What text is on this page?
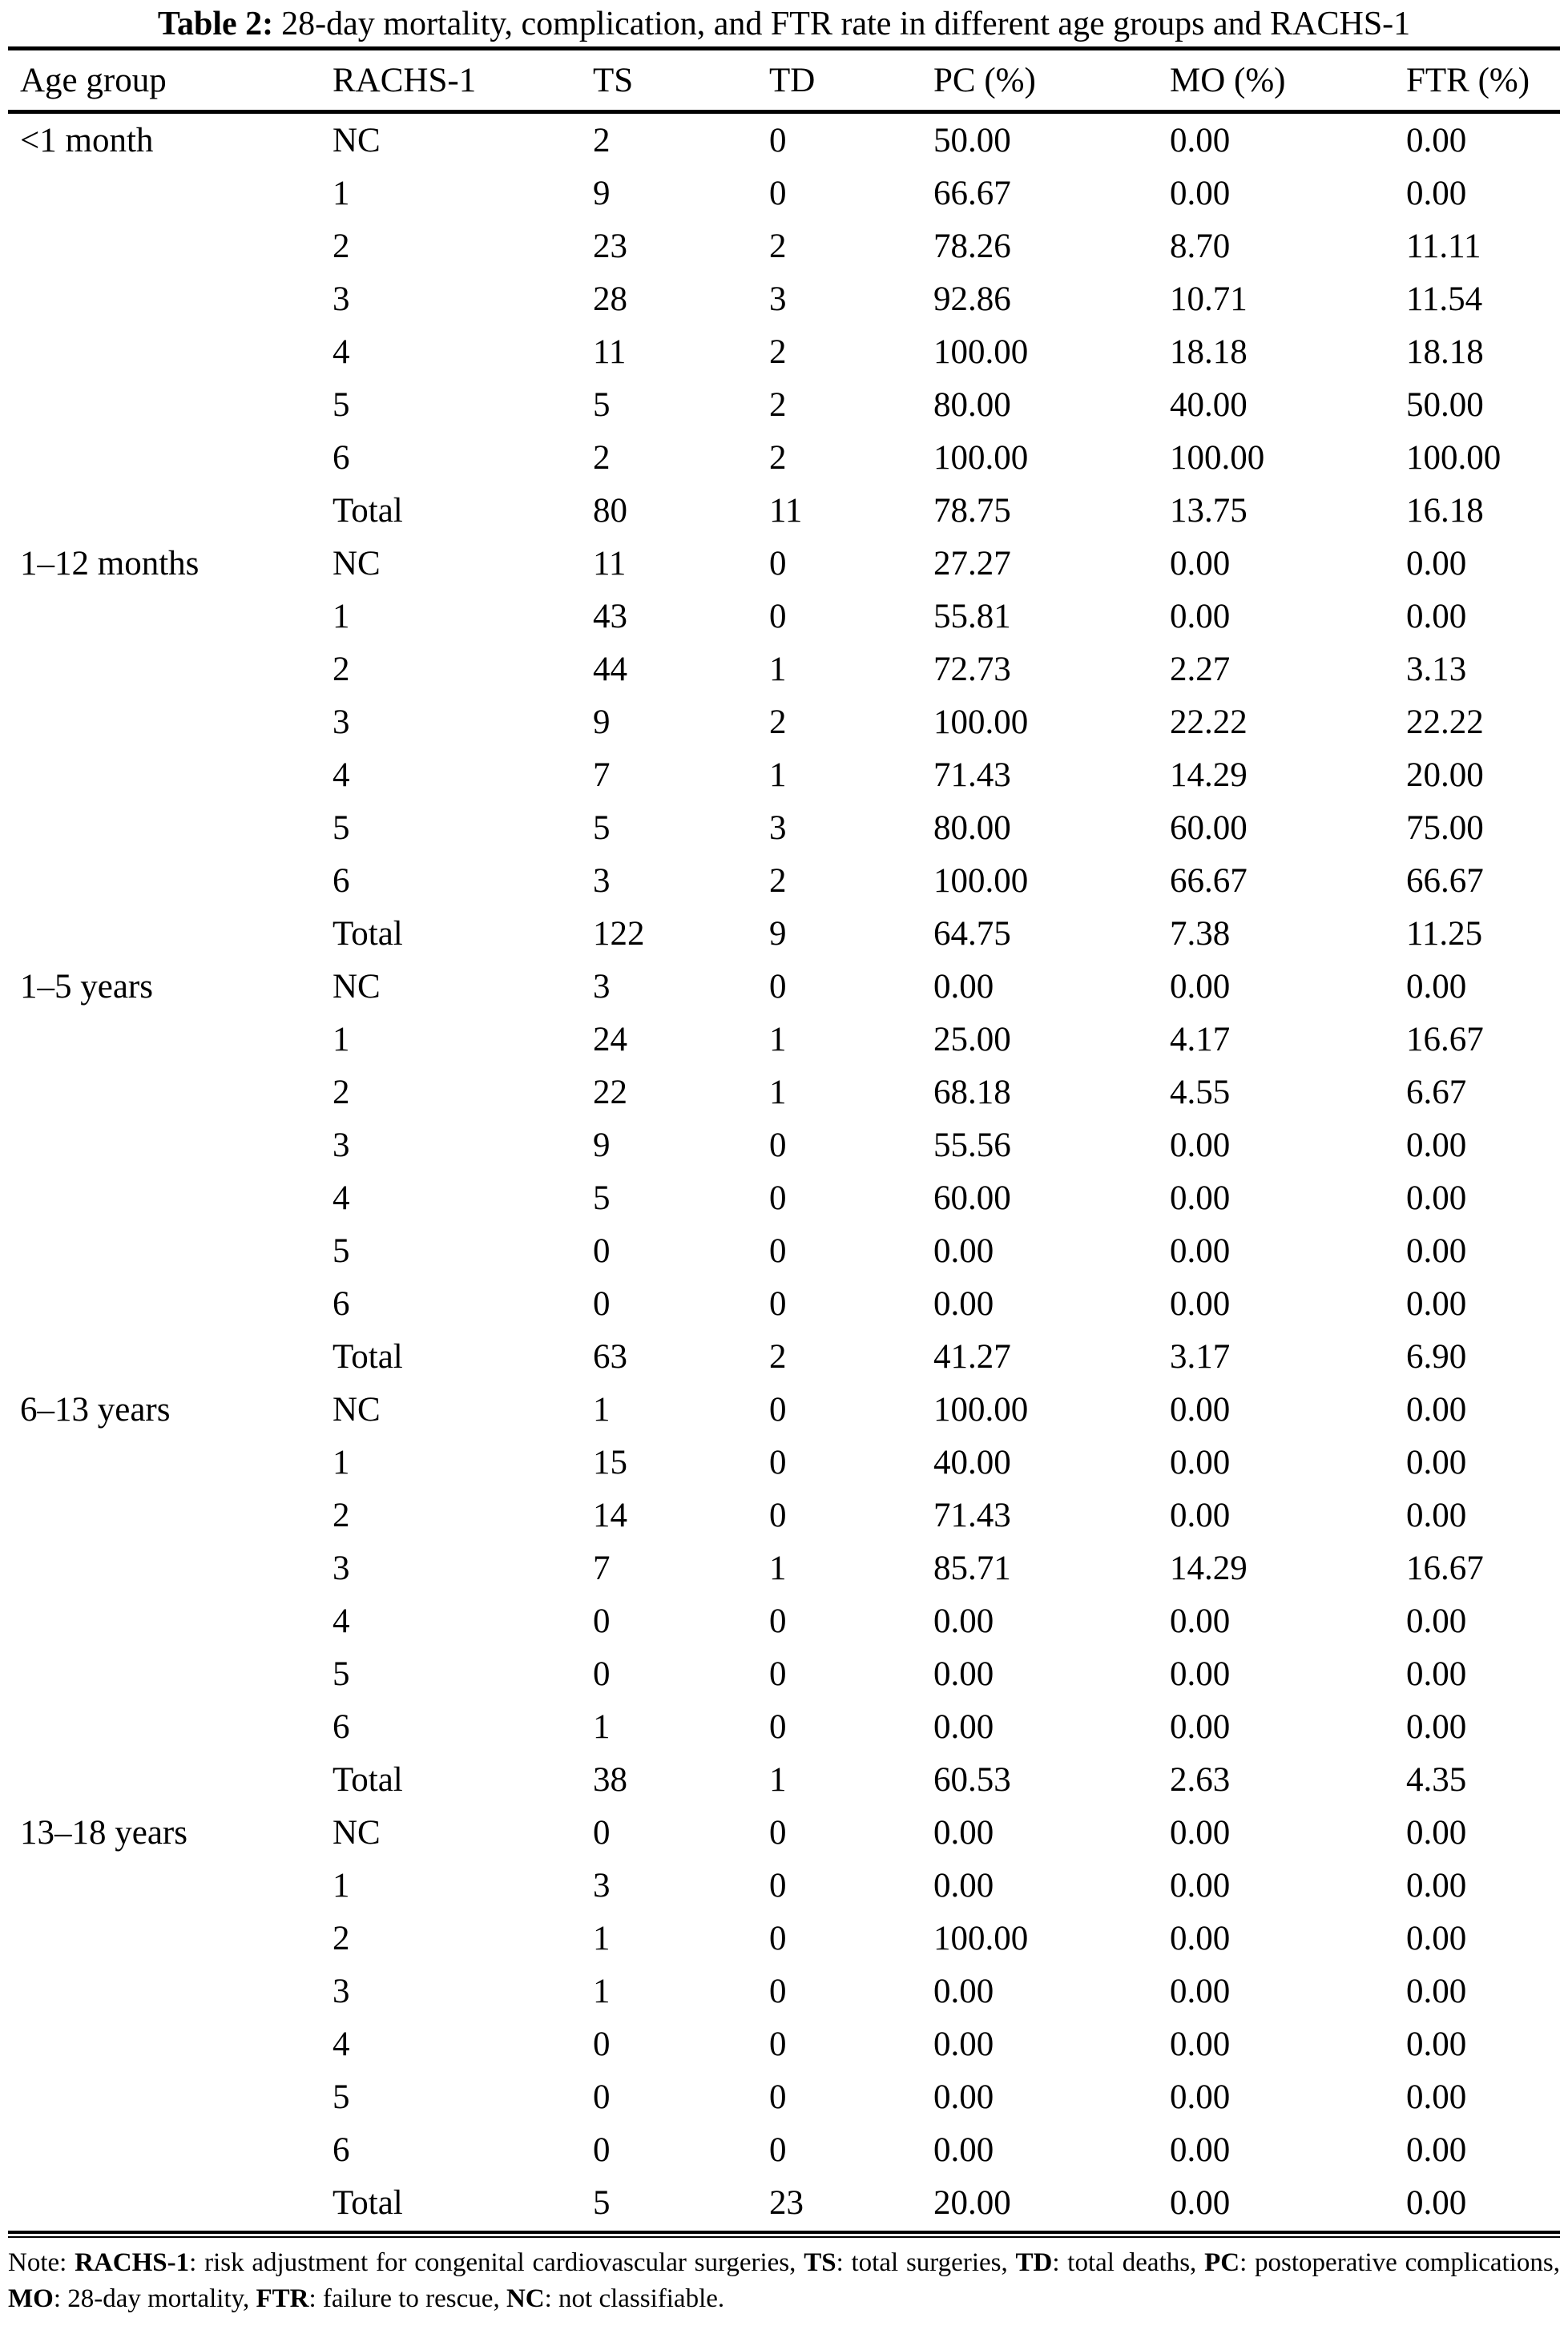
Table 2: 28-day mortality, complication, and FTR rate in different age groups and RACHS-1
Age group	RACHS-1	TS	TD	PC (%)	MO (%)	FTR (%)
<1 month	NC	2	0	50.00	0.00	0.00
	1	9	0	66.67	0.00	0.00
	2	23	2	78.26	8.70	11.11
	3	28	3	92.86	10.71	11.54
	4	11	2	100.00	18.18	18.18
	5	5	2	80.00	40.00	50.00
	6	2	2	100.00	100.00	100.00
	Total	80	11	78.75	13.75	16.18
1–12 months	NC	11	0	27.27	0.00	0.00
	1	43	0	55.81	0.00	0.00
	2	44	1	72.73	2.27	3.13
	3	9	2	100.00	22.22	22.22
	4	7	1	71.43	14.29	20.00
	5	5	3	80.00	60.00	75.00
	6	3	2	100.00	66.67	66.67
	Total	122	9	64.75	7.38	11.25
1–5 years	NC	3	0	0.00	0.00	0.00
	1	24	1	25.00	4.17	16.67
	2	22	1	68.18	4.55	6.67
	3	9	0	55.56	0.00	0.00
	4	5	0	60.00	0.00	0.00
	5	0	0	0.00	0.00	0.00
	6	0	0	0.00	0.00	0.00
	Total	63	2	41.27	3.17	6.90
6–13 years	NC	1	0	100.00	0.00	0.00
	1	15	0	40.00	0.00	0.00
	2	14	0	71.43	0.00	0.00
	3	7	1	85.71	14.29	16.67
	4	0	0	0.00	0.00	0.00
	5	0	0	0.00	0.00	0.00
	6	1	0	0.00	0.00	0.00
	Total	38	1	60.53	2.63	4.35
13–18 years	NC	0	0	0.00	0.00	0.00
	1	3	0	0.00	0.00	0.00
	2	1	0	100.00	0.00	0.00
	3	1	0	0.00	0.00	0.00
	4	0	0	0.00	0.00	0.00
	5	0	0	0.00	0.00	0.00
	6	0	0	0.00	0.00	0.00
	Total	5	23	20.00	0.00	0.00
Note: RACHS-1: risk adjustment for congenital cardiovascular surgeries, TS: total surgeries, TD: total deaths, PC: postoperative complications, MO: 28-day mortality, FTR: failure to rescue, NC: not classifiable.
